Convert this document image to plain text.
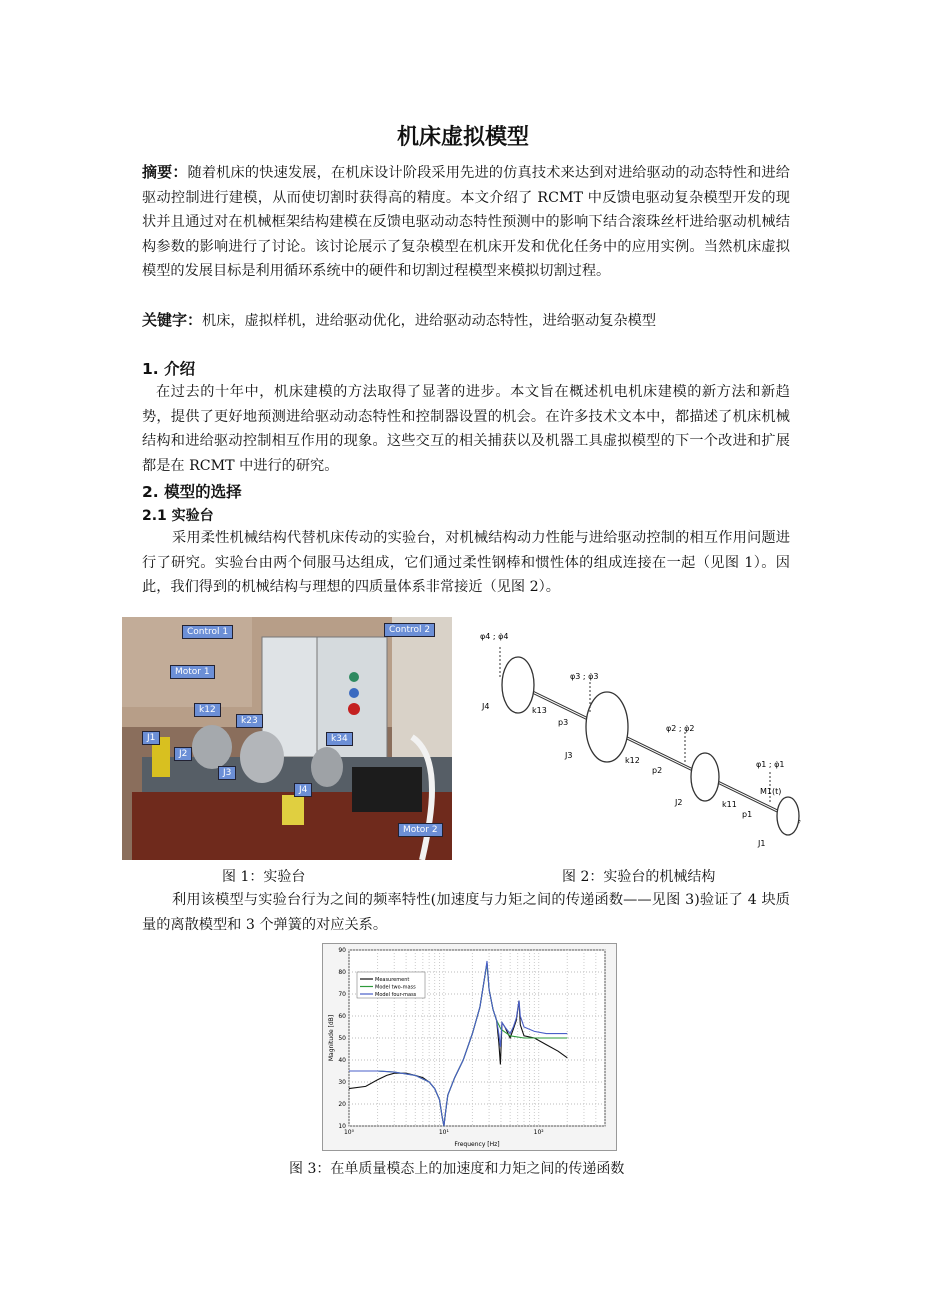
机床虚拟模型
摘要：随着机床的快速发展，在机床设计阶段采用先进的仿真技术来达到对进给驱动的动态特性和进给驱动控制进行建模，从而使切割时获得高的精度。本文介绍了 RCMT 中反馈电驱动复杂模型开发的现状并且通过对在机械框架结构建模在反馈电驱动动态特性预测中的影响下结合滚珠丝杆进给驱动机械结构参数的影响进行了讨论。该讨论展示了复杂模型在机床开发和优化任务中的应用实例。当然机床虚拟模型的发展目标是利用循环系统中的硬件和切割过程模型来模拟切割过程。
关键字：机床，虚拟样机，进给驱动优化，进给驱动动态特性，进给驱动复杂模型
1. 介绍
在过去的十年中，机床建模的方法取得了显著的进步。本文旨在概述机电机床建模的新方法和新趋势，提供了更好地预测进给驱动动态特性和控制器设置的机会。在许多技术文本中，都描述了机床机械结构和进给驱动控制相互作用的现象。这些交互的相关捕获以及机器工具虚拟模型的下一个改进和扩展都是在 RCMT 中进行的研究。
2. 模型的选择
2.1 实验台
采用柔性机械结构代替机床传动的实验台，对机械结构动力性能与进给驱动控制的相互作用问题进行了研究。实验台由两个伺服马达组成，它们通过柔性钢棒和惯性体的组成连接在一起（见图 1）。因此，我们得到的机械结构与理想的四质量体系非常接近（见图 2）。
Control 1	Control 2
Motor 1
k12
k23
k34
J1
J2
J3
J4
Motor 2
φ4 ; φ̇4
φ3 ; φ̇3
φ2 ; φ̇2
φ1 ; φ̇1
J4
J3
J2
J1
k13
k12
k11
p3
p2
p1
M1(t)
图 1：实验台	图 2：实验台的机械结构
利用该模型与实验台行为之间的频率特性(加速度与力矩之间的传递函数——见图 3)验证了 4 块质量的离散模型和 3 个弹簧的对应关系。
10
20
30
40
50
60
70
80
90
10⁰	10¹	10²
Measurement
Model two-mass
Model four-mass
Frequency [Hz]
Magnitude [dB]
图 3：在单质量模态上的加速度和力矩之间的传递函数
